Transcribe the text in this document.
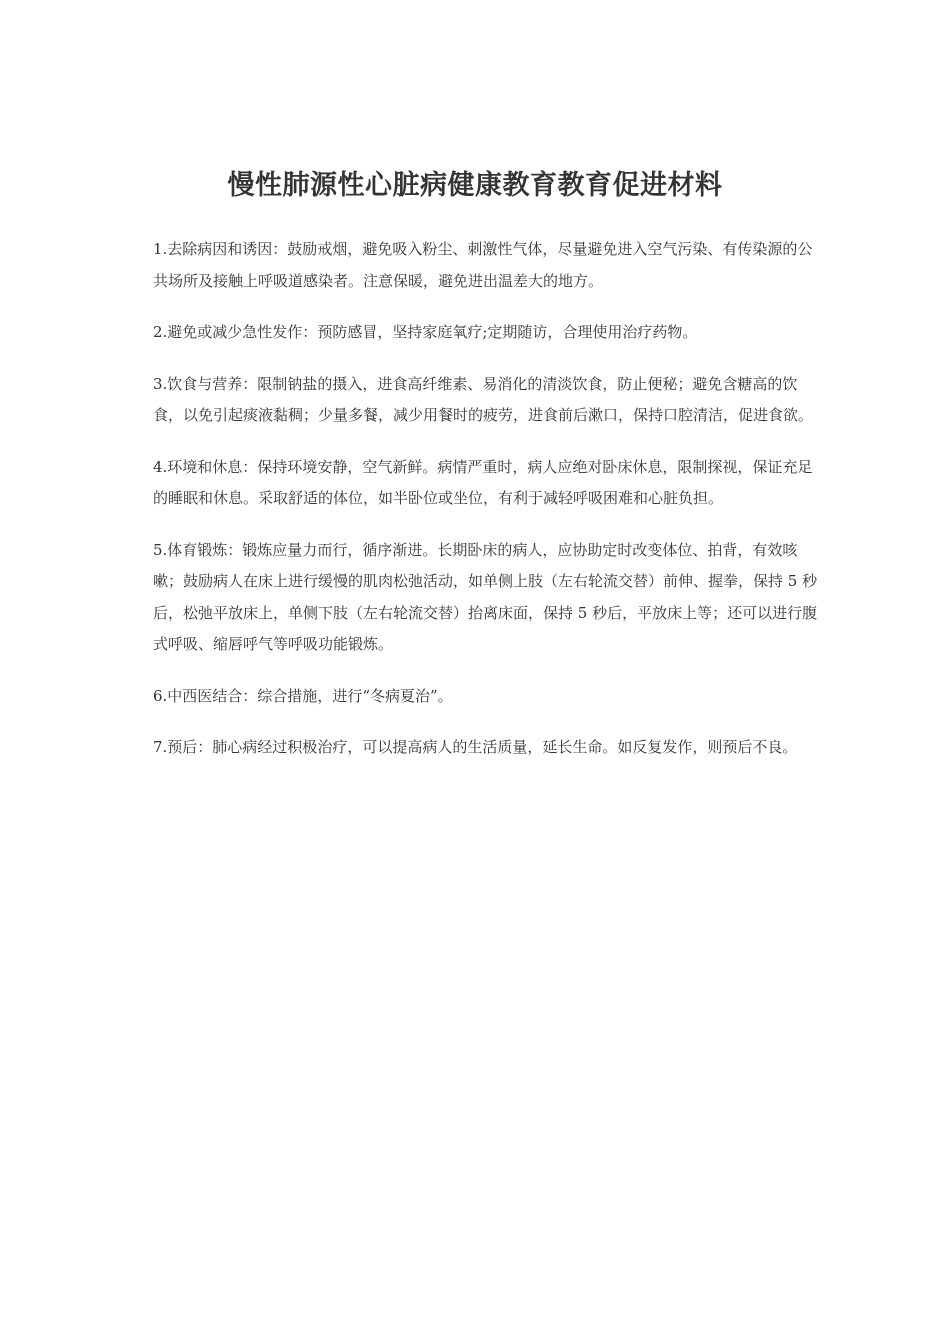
慢性肺源性心脏病健康教育教育促进材料

1.去除病因和诱因：鼓励戒烟，避免吸入粉尘、刺激性气体，尽量避免进入空气污染、有传染源的公共场所及接触上呼吸道感染者。注意保暖，避免进出温差大的地方。

2.避免或减少急性发作：预防感冒，坚持家庭氧疗;定期随访，合理使用治疗药物。

3.饮食与营养：限制钠盐的摄入，进食高纤维素、易消化的清淡饮食，防止便秘；避免含糖高的饮食，以免引起痰液黏稠；少量多餐，减少用餐时的疲劳，进食前后漱口，保持口腔清洁，促进食欲。

4.环境和休息：保持环境安静，空气新鲜。病情严重时，病人应绝对卧床休息，限制探视，保证充足的睡眠和休息。采取舒适的体位，如半卧位或坐位，有利于减轻呼吸困难和心脏负担。

5.体育锻炼：锻炼应量力而行，循序渐进。长期卧床的病人，应协助定时改变体位、拍背，有效咳嗽；鼓励病人在床上进行缓慢的肌肉松弛活动，如单侧上肢（左右轮流交替）前伸、握拳，保持 5 秒后，松弛平放床上，单侧下肢（左右轮流交替）抬离床面，保持 5 秒后，平放床上等；还可以进行腹式呼吸、缩唇呼气等呼吸功能锻炼。

6.中西医结合：综合措施，进行“冬病夏治”。

7.预后：肺心病经过积极治疗，可以提高病人的生活质量，延长生命。如反复发作，则预后不良。
